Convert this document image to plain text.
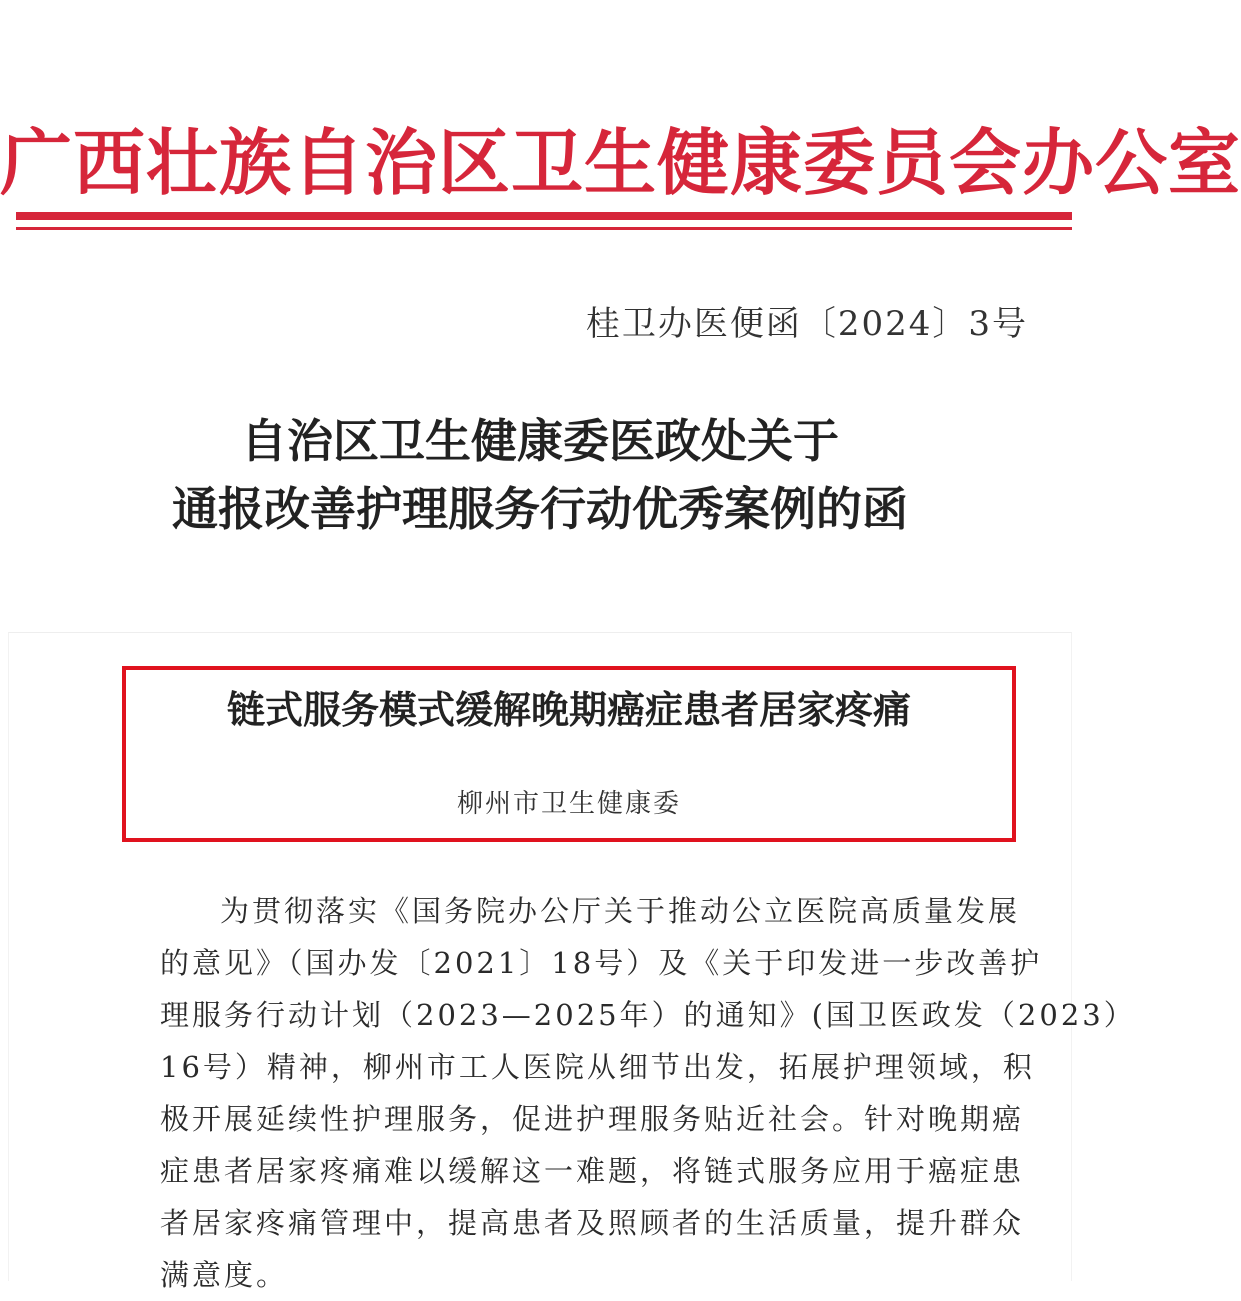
广西壮族自治区卫生健康委员会办公室
桂卫办医便函〔2024〕3号
自治区卫生健康委医政处关于
通报改善护理服务行动优秀案例的函
链式服务模式缓解晚期癌症患者居家疼痛
柳州市卫生健康委
为贯彻落实《国务院办公厅关于推动公立医院高质量发展
的意见》（国办发〔2021〕18号）及《关于印发进一步改善护
理服务行动计划（2023—2025年）的通知》(国卫医政发（2023）
16号）精神，柳州市工人医院从细节出发，拓展护理领域，积
极开展延续性护理服务，促进护理服务贴近社会。针对晚期癌
症患者居家疼痛难以缓解这一难题，将链式服务应用于癌症患
者居家疼痛管理中，提高患者及照顾者的生活质量，提升群众
满意度。
